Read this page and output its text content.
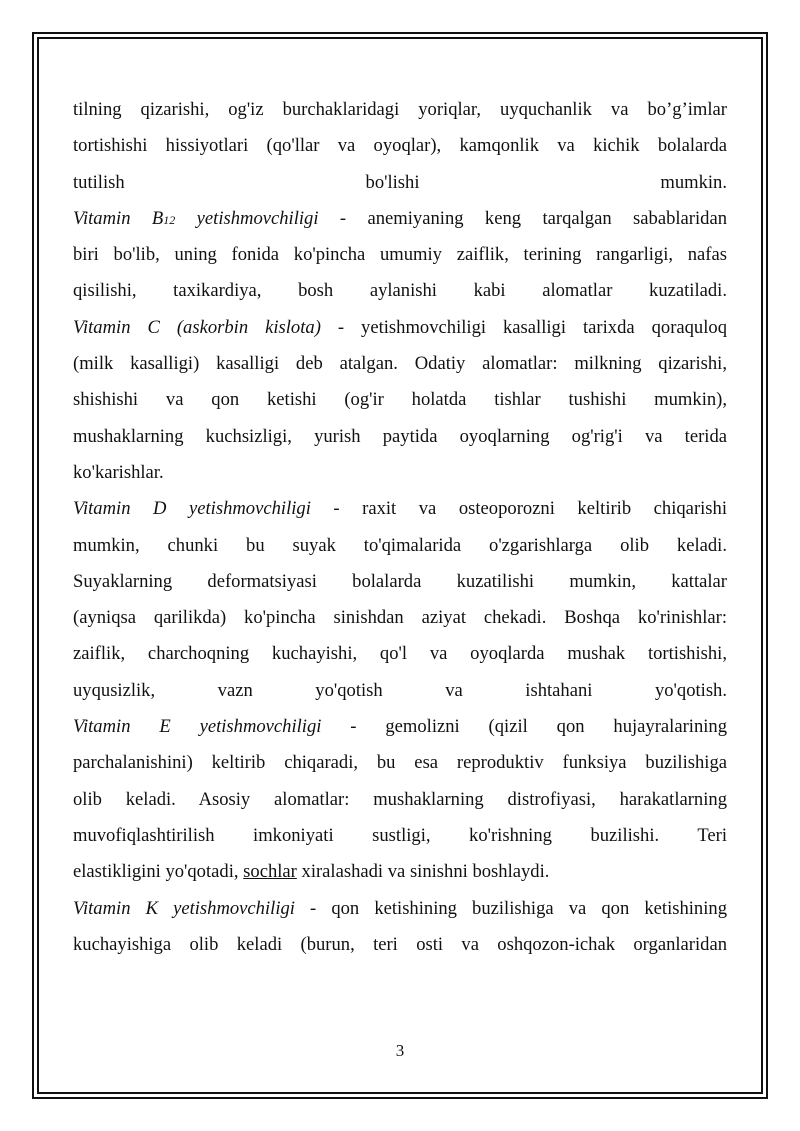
tilning qizarishi, og'iz burchaklaridagi yoriqlar, uyquchanlik va bo’g’imlar
tortishishi hissiyotlari (qo'llar va oyoqlar), kamqonlik va kichik bolalarda
tutilish bo'lishi mumkin.
Vitamin B12 yetishmovchiligi - anemiyaning keng tarqalgan sabablaridan
biri bo'lib, uning fonida ko'pincha umumiy zaiflik, terining rangarligi, nafas
qisilishi, taxikardiya, bosh aylanishi kabi alomatlar kuzatiladi.
Vitamin C (askorbin kislota) - yetishmovchiligi kasalligi tarixda qoraquloq
(milk kasalligi) kasalligi deb atalgan. Odatiy alomatlar: milkning qizarishi,
shishishi va qon ketishi (og'ir holatda tishlar tushishi mumkin),
mushaklarning kuchsizligi, yurish paytida oyoqlarning og'rig'i va terida
ko'karishlar.
Vitamin D yetishmovchiligi - raxit va osteoporozni keltirib chiqarishi
mumkin, chunki bu suyak to'qimalarida o'zgarishlarga olib keladi.
Suyaklarning deformatsiyasi bolalarda kuzatilishi mumkin, kattalar
(ayniqsa qarilikda) ko'pincha sinishdan aziyat chekadi. Boshqa ko'rinishlar:
zaiflik, charchoqning kuchayishi, qo'l va oyoqlarda mushak tortishishi,
uyqusizlik, vazn yo'qotish va ishtahani yo'qotish.
Vitamin E yetishmovchiligi - gemolizni (qizil qon hujayralarining
parchalanishini) keltirib chiqaradi, bu esa reproduktiv funksiya buzilishiga
olib keladi. Asosiy alomatlar: mushaklarning distrofiyasi, harakatlarning
muvofiqlashtirilish imkoniyati sustligi, ko'rishning buzilishi. Teri
elastikligini yo'qotadi, sochlar xiralashadi va sinishni boshlaydi.
Vitamin K yetishmovchiligi - qon ketishining buzilishiga va qon ketishining
kuchayishiga olib keladi (burun, teri osti va oshqozon-ichak organlaridan
3
